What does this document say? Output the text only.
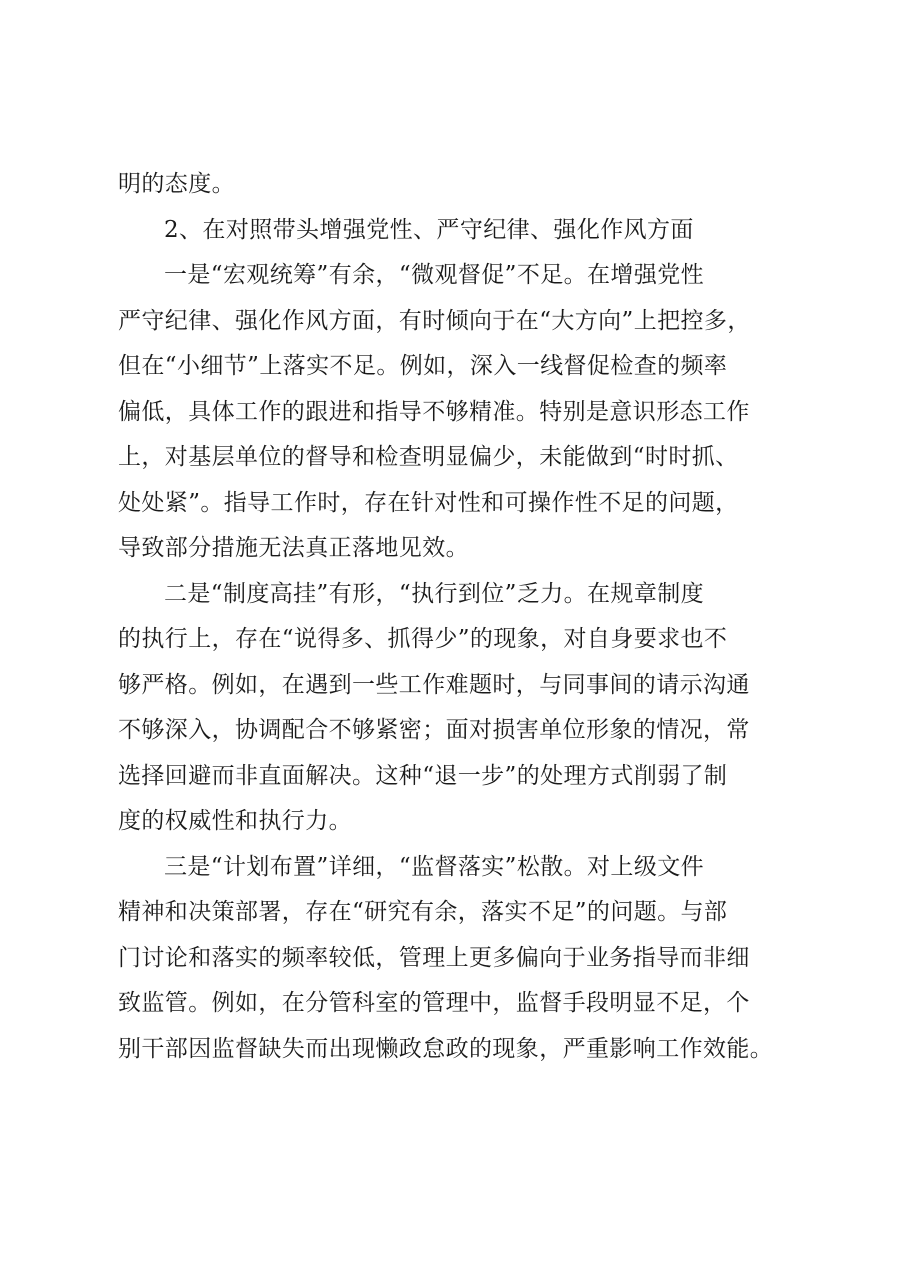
明的态度。
2、在对照带头增强党性、严守纪律、强化作风方面
一是“宏观统筹”有余，“微观督促”不足。在增强党性
严守纪律、强化作风方面，有时倾向于在“大方向”上把控多，
但在“小细节”上落实不足。例如，深入一线督促检查的频率
偏低，具体工作的跟进和指导不够精准。特别是意识形态工作
上，对基层单位的督导和检查明显偏少，未能做到“时时抓、
处处紧”。指导工作时，存在针对性和可操作性不足的问题，
导致部分措施无法真正落地见效。
二是“制度高挂”有形，“执行到位”乏力。在规章制度
的执行上，存在“说得多、抓得少”的现象，对自身要求也不
够严格。例如，在遇到一些工作难题时，与同事间的请示沟通
不够深入，协调配合不够紧密；面对损害单位形象的情况，常
选择回避而非直面解决。这种“退一步”的处理方式削弱了制
度的权威性和执行力。
三是“计划布置”详细，“监督落实”松散。对上级文件
精神和决策部署，存在“研究有余，落实不足”的问题。与部
门讨论和落实的频率较低，管理上更多偏向于业务指导而非细
致监管。例如，在分管科室的管理中，监督手段明显不足，个
别干部因监督缺失而出现懒政怠政的现象，严重影响工作效能。
